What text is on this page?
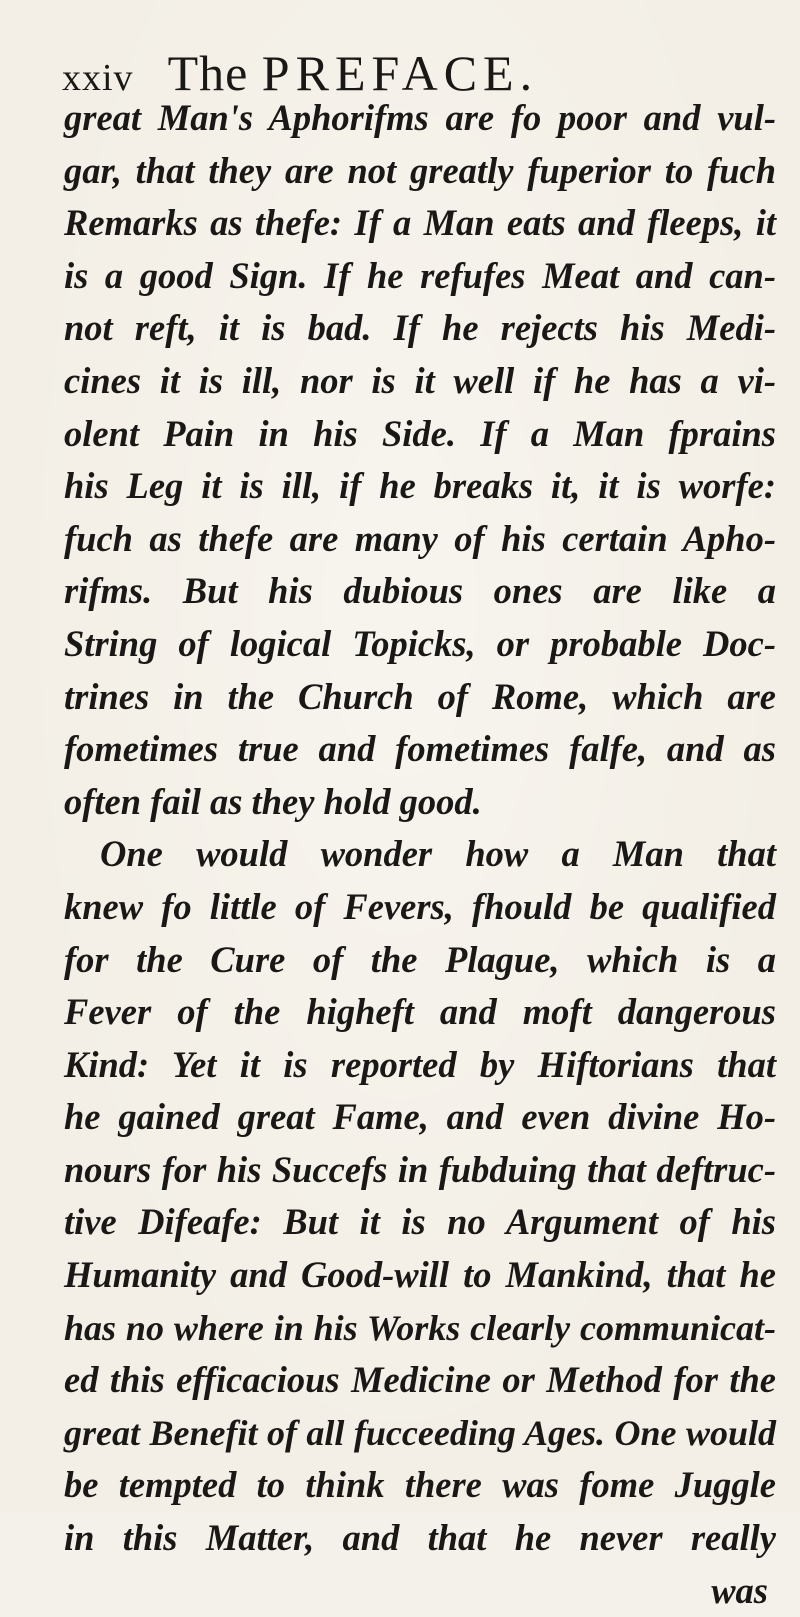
xxiv The PREFACE.
great Man's Aphorifms are fo poor and vul-
gar, that they are not greatly fuperior to fuch
Remarks as thefe: If a Man eats and fleeps, it
is a good Sign. If he refufes Meat and can-
not reft, it is bad. If he rejects his Medi-
cines it is ill, nor is it well if he has a vi-
olent Pain in his Side. If a Man fprains
his Leg it is ill, if he breaks it, it is worfe:
fuch as thefe are many of his certain Apho-
rifms. But his dubious ones are like a
String of logical Topicks, or probable Doc-
trines in the Church of Rome, which are
fometimes true and fometimes falfe, and as
often fail as they hold good.
One would wonder how a Man that
knew fo little of Fevers, fhould be qualified
for the Cure of the Plague, which is a
Fever of the higheft and moft dangerous
Kind: Yet it is reported by Hiftorians that
he gained great Fame, and even divine Ho-
nours for his Succefs in fubduing that deftruc-
tive Difeafe: But it is no Argument of his
Humanity and Good-will to Mankind, that he
has no where in his Works clearly communicat-
ed this efficacious Medicine or Method for the
great Benefit of all fucceeding Ages. One would
be tempted to think there was fome Juggle
in this Matter, and that he never really
was
